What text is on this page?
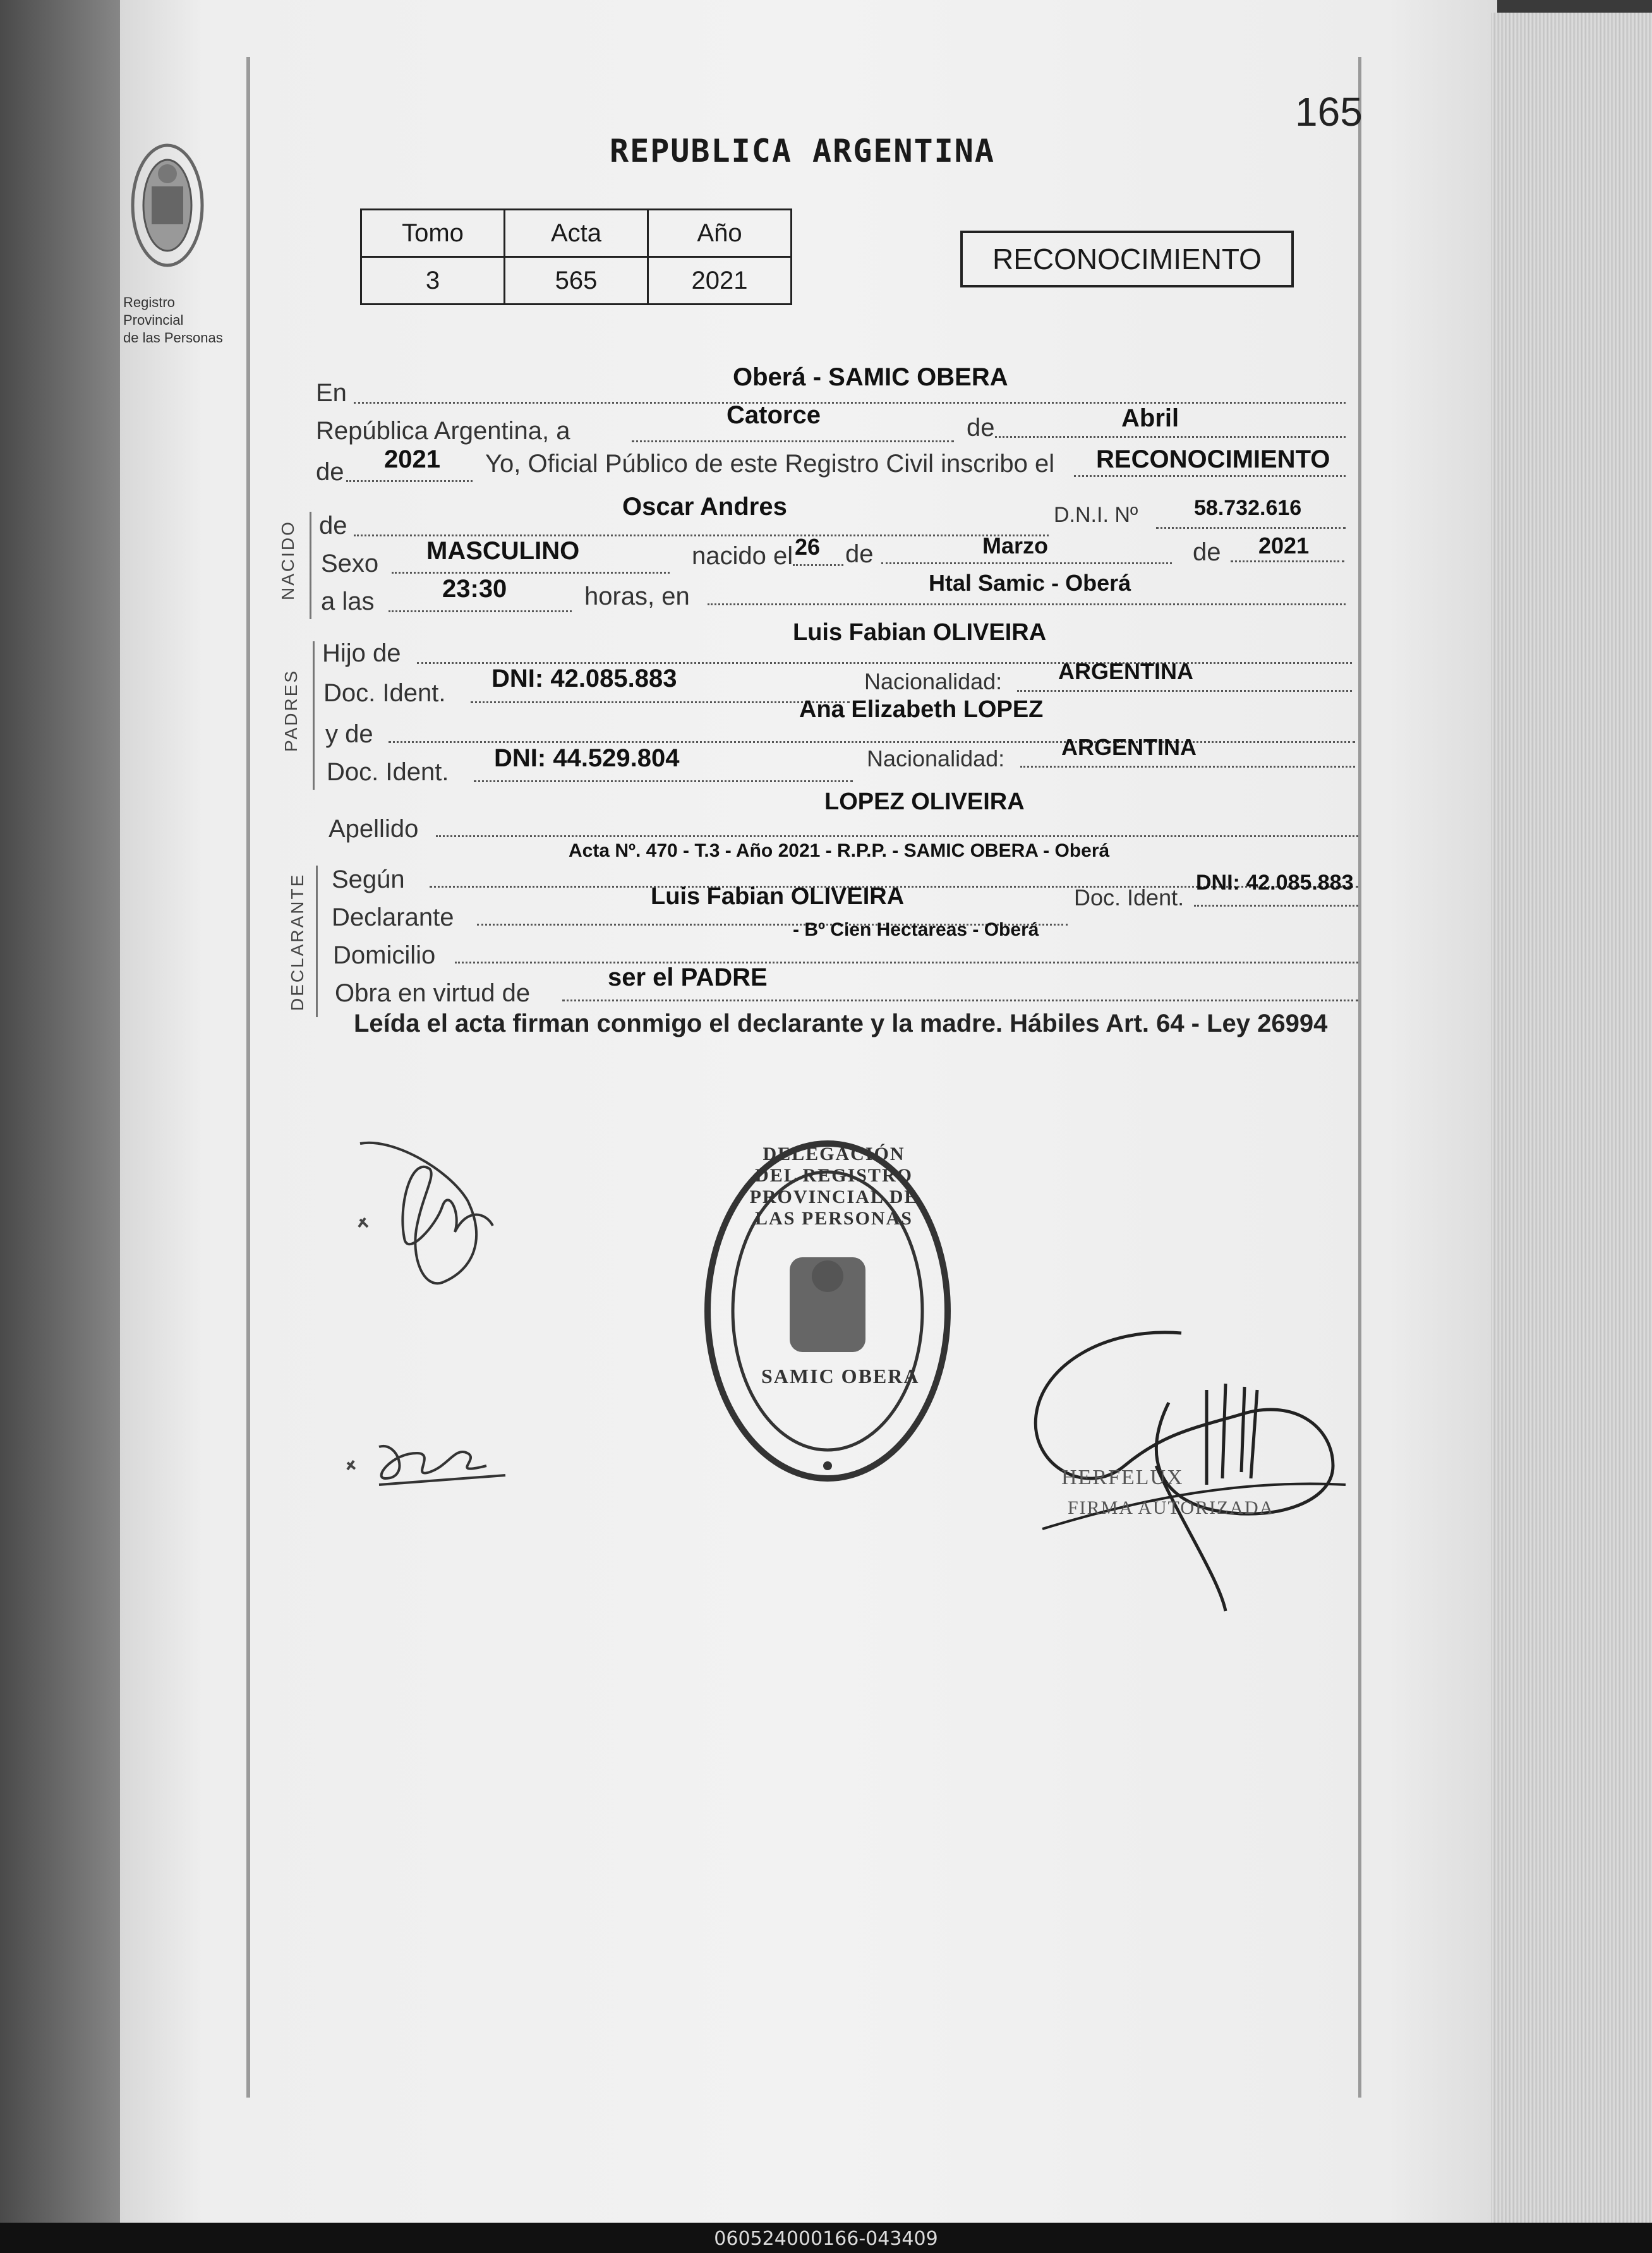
Registro Provincial
de las Personas
165
REPUBLICA ARGENTINA
Tomo	Acta	Año
3	565	2021
RECONOCIMIENTO
En
Oberá - SAMIC OBERA
República Argentina, a
Catorce	de	Abril
de 2021 Yo, Oficial Público de este Registro Civil inscribo el RECONOCIMIENTO
NACIDO de
Oscar Andres	D.N.I. Nº	58.732.616
Sexo MASCULINO	nacido el 26 de	Marzo	de 2021
a las	23:30	horas, en	Htal Samic - Oberá
PADRES
Hijo de
Luis Fabian OLIVEIRA
Doc. Ident.
DNI: 42.085.883	Nacionalidad: ARGENTINA
y de
Ana Elizabeth LOPEZ
Doc. Ident. DNI: 44.529.804	Nacionalidad: ARGENTINA
Apellido
LOPEZ OLIVEIRA
DECLARANTE Según
Acta Nº. 470 - T.3 - Año 2021 - R.P.P. - SAMIC OBERA - Oberá
Declarante
Luis Fabian OLIVEIRA	Doc. Ident.
DNI: 42.085.883
Domicilio
- Bº Cien Hectareas - Oberá
Obra en virtud de
ser el PADRE
Leída el acta firman conmigo el declarante y la madre. Hábiles Art. 64 - Ley 26994
DELEGACIÓN DEL REGISTRO PROVINCIAL DE LAS PERSONAS
SAMIC OBERA
HERFELUX
FIRMA AUTORIZADA
060524000166-043409
